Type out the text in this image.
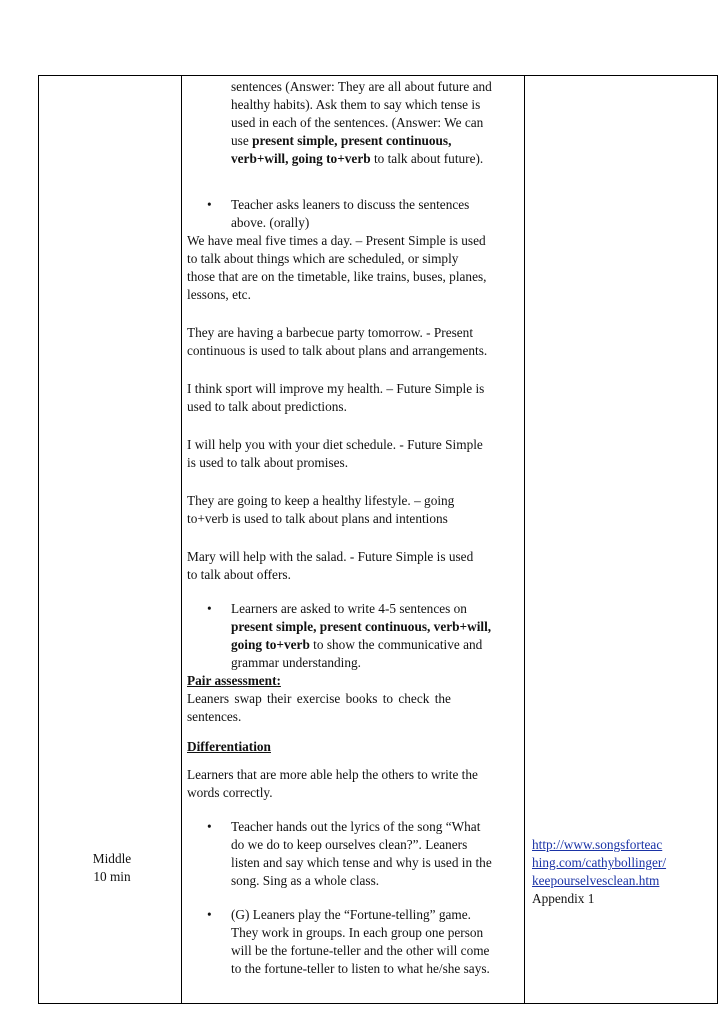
Middle

10 min

sentences (Answer: They are all about future and

healthy habits). Ask them to say which tense is

used in each of the sentences. (Answer: We can

use present simple, present continuous,

verb+will, going to+verb to talk about future).

• Teacher asks leaners to discuss the sentences

above. (orally)

We have meal five times a day. – Present Simple is used

to talk about things which are scheduled, or simply

those that are on the timetable, like trains, buses, planes,

lessons, etc.

They are having a barbecue party tomorrow. - Present

continuous is used to talk about plans and arrangements.

I think sport will improve my health. – Future Simple is

used to talk about predictions.

I will help you with your diet schedule. - Future Simple

is used to talk about promises.

They are going to keep a healthy lifestyle. – going

to+verb is used to talk about plans and intentions

Mary will help with the salad. - Future Simple is used

to talk about offers.

• Learners are asked to write 4-5 sentences on

present simple, present continuous, verb+will,

going to+verb to show the communicative and

grammar understanding.

Pair assessment:

Leaners swap their exercise books to check the

sentences.

Differentiation

Learners that are more able help the others to write the

words correctly.

• Teacher hands out the lyrics of the song “What

do we do to keep ourselves clean?”. Leaners

listen and say which tense and why is used in the

song. Sing as a whole class.

• (G) Leaners play the “Fortune-telling” game.

They work in groups. In each group one person

will be the fortune-teller and the other will come

to the fortune-teller to listen to what he/she says.

http://www.songsforteac

hing.com/cathybollinger/

keepourselvesclean.htm

Appendix 1
